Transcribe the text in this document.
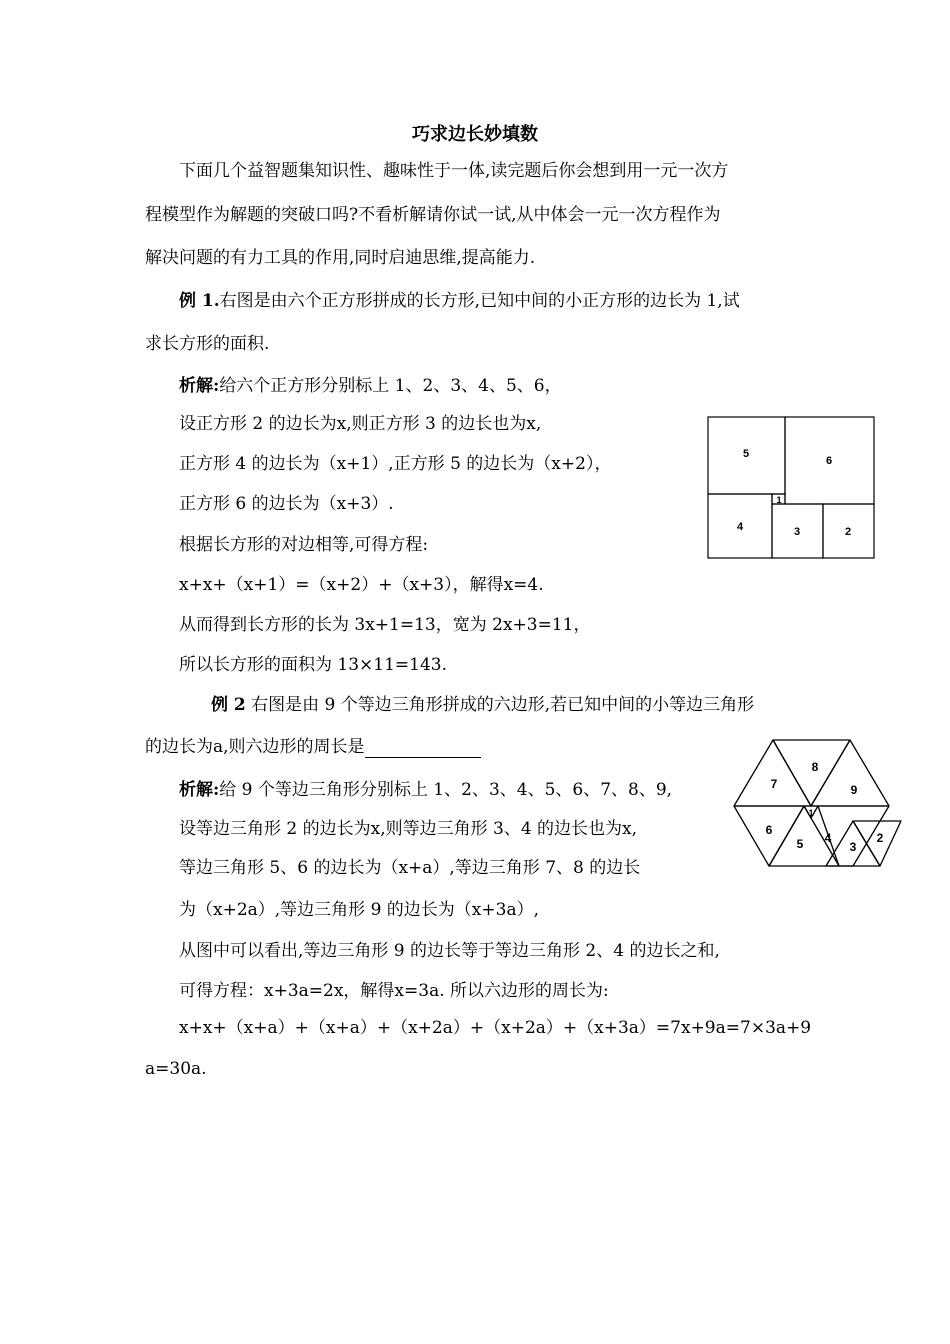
巧求边长妙填数
下面几个益智题集知识性、趣味性于一体,读完题后你会想到用一元一次方
程模型作为解题的突破口吗?不看析解请你试一试,从中体会一元一次方程作为
解决问题的有力工具的作用,同时启迪思维,提高能力.
例 1.右图是由六个正方形拼成的长方形,已知中间的小正方形的边长为 1,试
求长方形的面积.
析解:给六个正方形分别标上 1、2、3、4、5、6，
设正方形 2 的边长为x,则正方形 3 的边长也为x,
正方形 4 的边长为（x+1）,正方形 5 的边长为（x+2），
正方形 6 的边长为（x+3）.
根据长方形的对边相等,可得方程:
x+x+（x+1）=（x+2）+（x+3），解得x=4.
从而得到长方形的长为 3x+1=13，宽为 2x+3=11，
所以长方形的面积为 13×11=143.
5
6
1
4	3	2
例 2 右图是由 9 个等边三角形拼成的六边形,若已知中间的小等边三角形
的边长为a,则六边形的周长是
析解:给 9 个等边三角形分别标上 1、2、3、4、5、6、7、8、9,
设等边三角形 2 的边长为x,则等边三角形 3、4 的边长也为x,
等边三角形 5、6 的边长为（x+a）,等边三角形 7、8 的边长
为（x+2a）,等边三角形 9 的边长为（x+3a）,
从图中可以看出,等边三角形 9 的边长等于等边三角形 2、4 的边长之和,
可得方程：x+3a=2x，解得x=3a. 所以六边形的周长为:
x+x+（x+a）+（x+a）+（x+2a）+（x+2a）+（x+3a）=7x+9a=7×3a+9
a=30a.
7
8
9
1
6
5 4
3
2
